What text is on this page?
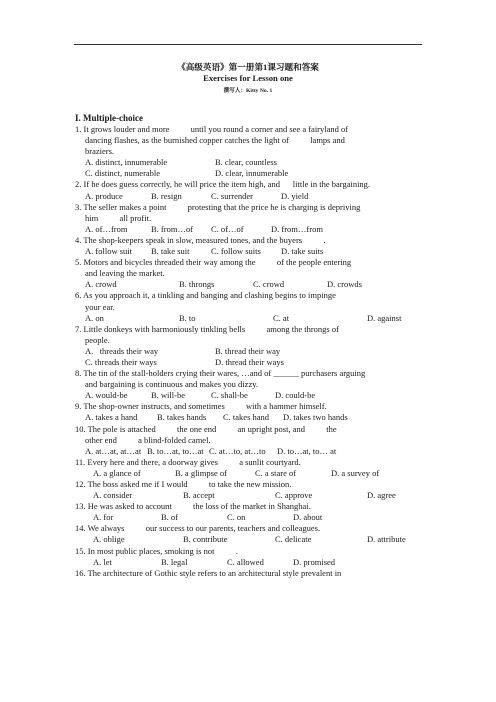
《高级英语》第一册第1课习题和答案
Exercises for Lesson one
撰写人：Kitty No. 1
I. Multiple-choice
1. It grows louder and more          until you round a corner and see a fairyland of
dancing flashes, as the burnished copper catches the light of          lamps and
braziers.
A. distinct, innumerable	B. clear, countless
C. distinct, numerable	D. clear, innumerable
2. If he does guess correctly, he will price the item high, and      little in the bargaining.
A. produce	B. resign	C. surrender	D. yield
3. The seller makes a point          protesting that the price he is charging is depriving
him          all profit.
A. of…from	B. from…of	C. of…of	D. from…from
4. The shop-keepers speak in slow, measured tones, and the buyers          .
A. follow suit	B. take suit	C. follow suits	D. take suits
5. Motors and bicycles threaded their way among the          of the people entering
and leaving the market.
A. crowd	B. throngs	C. crowd	D. crowds
6. As you approach it, a tinkling and banging and clashing begins to impinge
your ear.
A. on	B. to	C. at	D. against
7. Little donkeys with harmoniously tinkling bells          among the throngs of
people.
A.   threads their way	B. thread their way
C. threads their ways	D. thread their ways
8. The tin of the stall-holders crying their wares, …and of ______ purchasers arguing
and bargaining is continuous and makes you dizzy.
A. would-be	B. will-be	C. shall-be	D. could-be
9. The shop-owner instructs, and sometimes          with a hammer himself.
A. takes a hand	B. takes hands	C. takes hand	D. takes two hands
10. The pole is attached          the one end          an upright post, and          the
other end          a blind-folded camel.
A. at…at, at…at B. to…at, to…at C. at…to, at…to	D. to…at, to… at
11. Every here and there, a doorway gives          a sunlit courtyard.
A. a glance of	B. a glimpse of	C. a stare of	D. a survey of
12. The boss asked me if I would          to take the new mission.
A. consider	B. accept	C. approve	D. agree
13. He was asked to account          the loss of the market in Shanghai.
A. for	B. of	C. on	D. about
14. We always          our success to our parents, teachers and colleagues.
A. oblige	B. contribute	C. delicate	D. attribute
15. In most public places, smoking is not          .
A. let	B. legal	C. allowed	D. promised
16. The architecture of Gothic style refers to an architectural style prevalent in
